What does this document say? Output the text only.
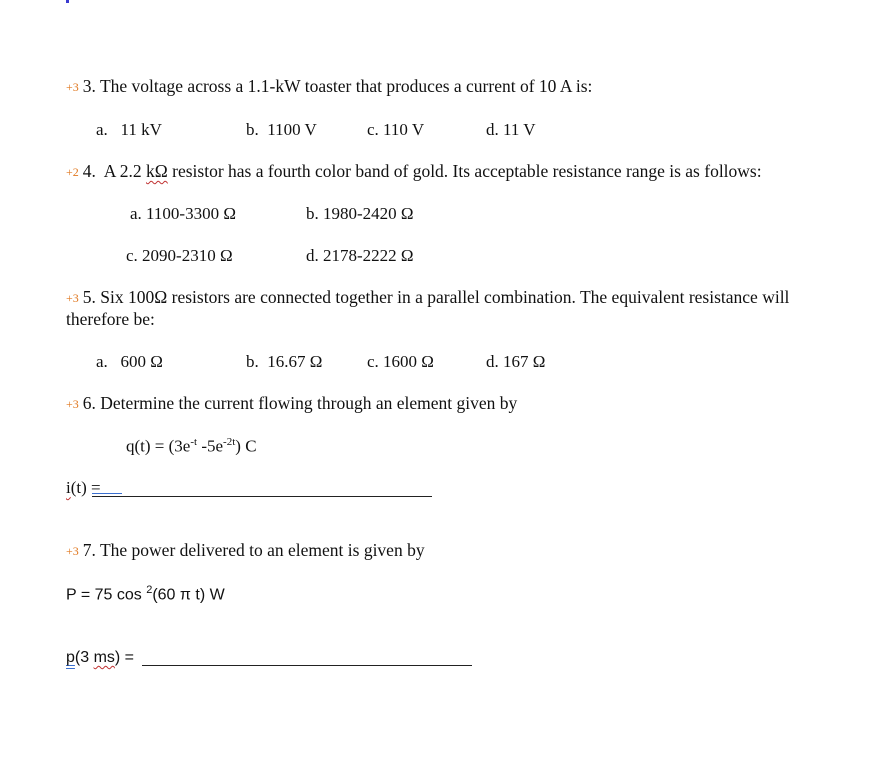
+3 3. The voltage across a 1.1-kW toaster that produces a current of 10 A is:
a. 11 kV	b. 1100 V	c. 110 V	d. 11 V
+2 4.  A 2.2 kΩ resistor has a fourth color band of gold. Its acceptable resistance range is as follows:
a. 1100-3300 Ω	b. 1980-2420 Ω
c. 2090-2310 Ω	d. 2178-2222 Ω
+3 5. Six 100Ω resistors are connected together in a parallel combination. The equivalent resistance will
therefore be:
a. 600 Ω	b. 16.67 Ω	c. 1600 Ω	d. 167 Ω
+3 6. Determine the current flowing through an element given by
$q(t) = (3e^{-t}$ $-5e^{-2t}$) C
i(t) =
+3 7. The power delivered to an element is given by
P = 75 cos $^2$(60 π t) W
p(3 ms) =
